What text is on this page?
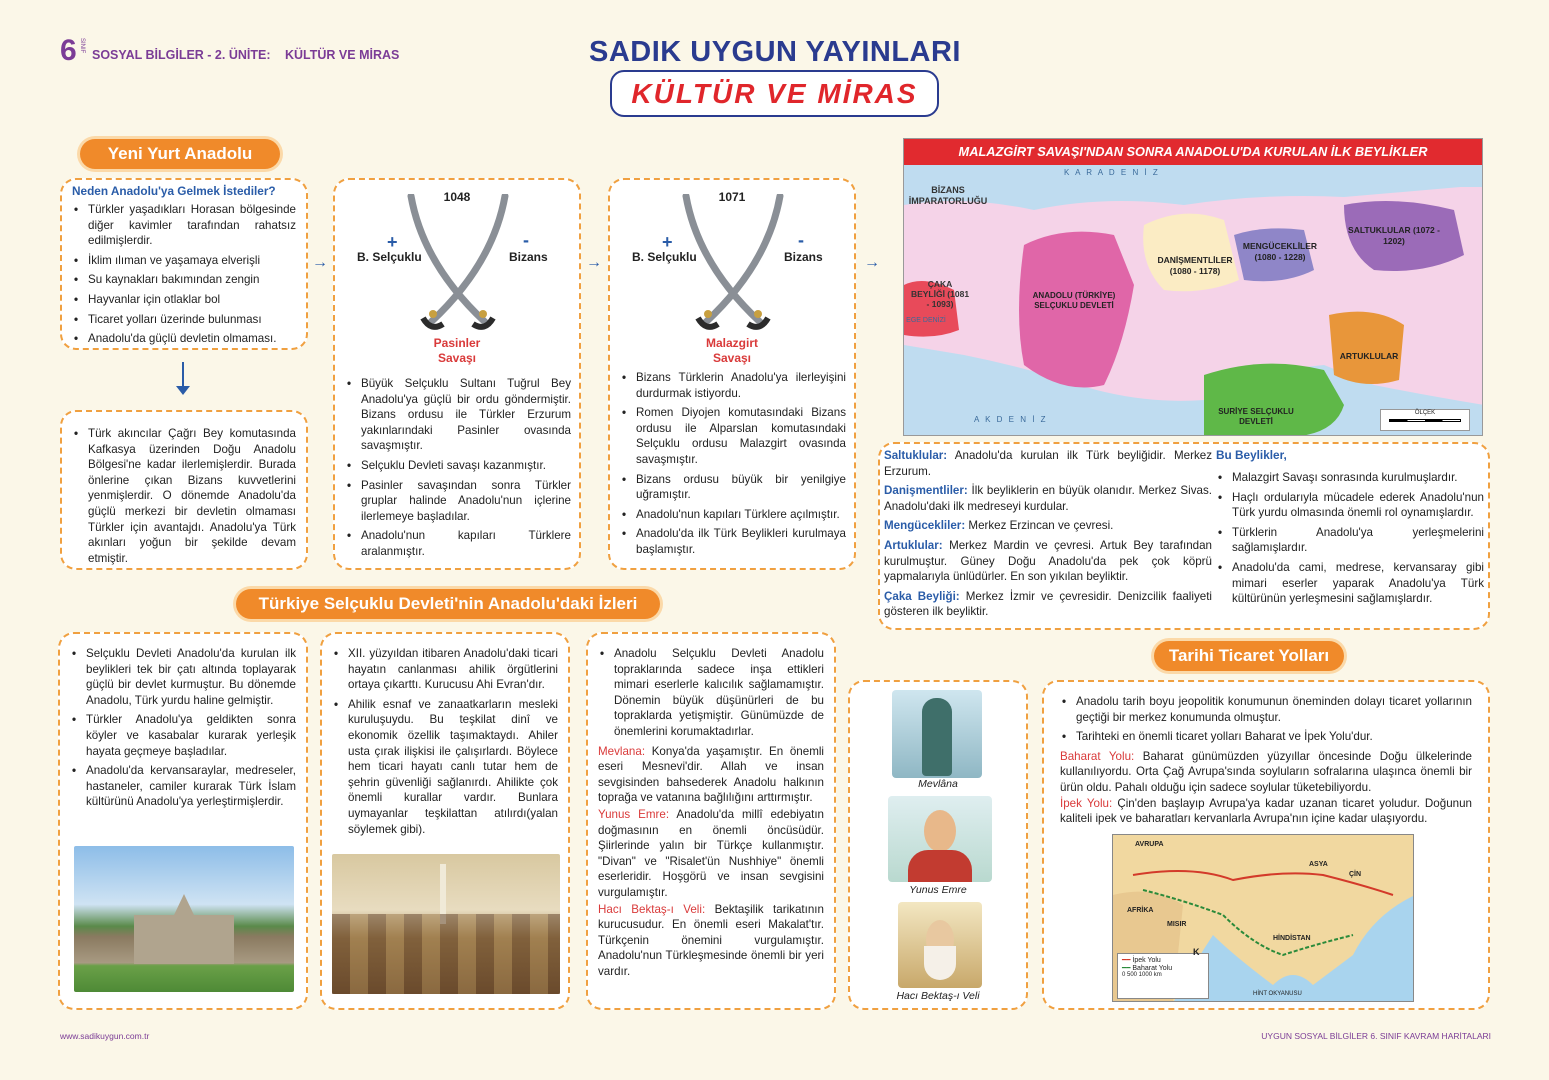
6 SINIF
SOSYAL BİLGİLER - 2. ÜNİTE: KÜLTÜR VE MİRAS	SADIK UYGUN YAYINLARI
KÜLTÜR VE MİRAS
Yeni Yurt Anadolu
Neden Anadolu'ya Gelmek İstediler?
• Türkler yaşadıkları Horasan bölgesinde diğer kavimler tarafından rahatsız edilmişlerdir.
• İklim ılıman ve yaşamaya elverişli
• Su kaynakları bakımından zengin
• Hayvanlar için otlaklar bol
• Ticaret yolları üzerinde bulunması
• Anadolu'da güçlü devletin olmaması.
• Türk akıncılar Çağrı Bey komutasında Kafkasya üzerinden Doğu Anadolu Bölgesi'ne kadar ilerlemişlerdir. Burada önlerine çıkan Bizans kuvvetlerini yenmişlerdir. O dönemde Anadolu'da güçlü merkezi bir devletin olmaması Türkler için avantajdı. Anadolu'ya Türk akınları yoğun bir şekilde devam etmiştir.
→	→	→
1048
+	-
B. Selçuklu	Bizans
Pasinler
Savaşı
• Büyük Selçuklu Sultanı Tuğrul Bey Anadolu'ya güçlü bir ordu göndermiştir. Bizans ordusu ile Türkler Erzurum yakınlarındaki Pasinler ovasında savaşmıştır.
• Selçuklu Devleti savaşı kazanmıştır.
• Pasinler savaşından sonra Türkler gruplar halinde Anadolu'nun içlerine ilerlemeye başladılar.
• Anadolu'nun kapıları Türklere aralanmıştır.
1071
+	-
B. Selçuklu	Bizans
Malazgirt
Savaşı
• Bizans Türklerin Anadolu'ya ilerleyişini durdurmak istiyordu.
• Romen Diyojen komutasındaki Bizans ordusu ile Alparslan komutasındaki Selçuklu ordusu Malazgirt ovasında savaşmıştır.
• Bizans ordusu büyük bir yenilgiye uğramıştır.
• Anadolu'nun kapıları Türklere açılmıştır.
• Anadolu'da ilk Türk Beylikleri kurulmaya başlamıştır.
MALAZGİRT SAVAŞI'NDAN SONRA ANADOLU'DA KURULAN İLK BEYLİKLER
K A R A D E N İ Z
A K D E N İ Z
BİZANS İMPARATORLUĞU
ÇAKA BEYLİĞİ (1081 - 1093)
EGE DENİZİ
ANADOLU (TÜRKİYE) SELÇUKLU DEVLETİ
DANİŞMENTLİLER (1080 - 1178)
MENGÜCEKLİLER (1080 - 1228)
SALTUKLULAR (1072 - 1202)
ARTUKLULAR
SURİYE SELÇUKLU DEVLETİ
ÖLÇEK

Saltuklular: Anadolu'da kurulan ilk Türk beyliğidir. Merkez Erzurum.

Danişmentliler: İlk beyliklerin en büyük olanıdır. Merkez Sivas. Anadolu'daki ilk medreseyi kurdular.

Mengücekliler: Merkez Erzincan ve çevresi.

Artuklular: Merkez Mardin ve çevresi. Artuk Bey tarafından kurulmuştur. Güney Doğu Anadolu'da pek çok köprü yapmalarıyla ünlüdürler. En son yıkılan beyliktir.

Çaka Beyliği: Merkez İzmir ve çevresidir. Denizcilik faaliyeti gösteren ilk beyliktir.

Bu Beylikler,
• Malazgirt Savaşı sonrasında kurulmuşlardır.
• Haçlı ordularıyla mücadele ederek Anadolu'nun Türk yurdu olmasında önemli rol oynamışlardır.
• Türklerin Anadolu'ya yerleşmelerini sağlamışlardır.
• Anadolu'da cami, medrese, kervansaray gibi mimari eserler yaparak Anadolu'ya Türk kültürünün yerleşmesini sağlamışlardır.
Türkiye Selçuklu Devleti'nin Anadolu'daki İzleri
• Selçuklu Devleti Anadolu'da kurulan ilk beylikleri tek bir çatı altında toplayarak güçlü bir devlet kurmuştur. Bu dönemde Anadolu, Türk yurdu haline gelmiştir.
• Türkler Anadolu'ya geldikten sonra köyler ve kasabalar kurarak yerleşik hayata geçmeye başladılar.
• Anadolu'da kervansaraylar, medreseler, hastaneler, camiler kurarak Türk İslam kültürünü Anadolu'ya yerleştirmişlerdir.
• XII. yüzyıldan itibaren Anadolu'daki ticari hayatın canlanması ahilik örgütlerini ortaya çıkarttı. Kurucusu Ahi Evran'dır.
• Ahilik esnaf ve zanaatkarların mesleki kuruluşuydu. Bu teşkilat dinî ve ekonomik özellik taşımaktaydı. Ahiler usta çırak ilişkisi ile çalışırlardı. Böylece hem ticari hayatı canlı tutar hem de şehrin güvenliği sağlanırdı. Ahilikte çok önemli kurallar vardır. Bunlara uymayanlar teşkilattan atılırdı(yalan söylemek gibi).
• Anadolu Selçuklu Devleti Anadolu topraklarında sadece inşa ettikleri mimari eserlerle kalıcılık sağlamamıştır. Dönemin büyük düşünürleri de bu topraklarda yetişmiştir. Günümüzde de önemlerini korumaktadırlar.

Mevlana: Konya'da yaşamıştır. En önemli eseri Mesnevi'dir. Allah ve insan sevgisinden bahsederek Anadolu halkının toprağa ve vatanına bağlılığını arttırmıştır.

Yunus Emre: Anadolu'da millî edebiyatın doğmasının en önemli öncüsüdür. Şiirlerinde yalın bir Türkçe kullanmıştır. "Divan" ve "Risalet'ün Nushhiye" önemli eserleridir. Hoşgörü ve insan sevgisini vurgulamıştır.

Hacı Bektaş-ı Veli: Bektaşilik tarikatının kurucusudur. En önemli eseri Makalat'tır. Türkçenin önemini vurgulamıştır. Anadolu'nun Türkleşmesinde önemli bir yeri vardır.

Mevlâna
Yunus Emre
Hacı Bektaş-ı Veli
Tarihi Ticaret Yolları
• Anadolu tarih boyu jeopolitik konumunun öneminden dolayı ticaret yollarının geçtiği bir merkez konumunda olmuştur.
• Tarihteki en önemli ticaret yolları Baharat ve İpek Yolu'dur.

Baharat Yolu: Baharat günümüzden yüzyıllar öncesinde Doğu ülkelerinde kullanılıyordu. Orta Çağ Avrupa'sında soyluların sofralarına ulaşınca önemli bir ürün oldu. Pahalı olduğu için sadece soylular tüketebiliyordu.

İpek Yolu: Çin'den başlayıp Avrupa'ya kadar uzanan ticaret yoludur. Doğunun kaliteli ipek ve baharatları kervanlarla Avrupa'nın içine kadar ulaşıyordu.

AVRUPA
ASYA
ÇİN
AFRİKA
MISIR
HİNDİSTAN
HİNT OKYANUSU
━━ İpek Yolu
━━ Baharat Yolu
0 500 1000 km
K
www.sadikuygun.com.tr	UYGUN SOSYAL BİLGİLER 6. SINIF KAVRAM HARİTALARI
